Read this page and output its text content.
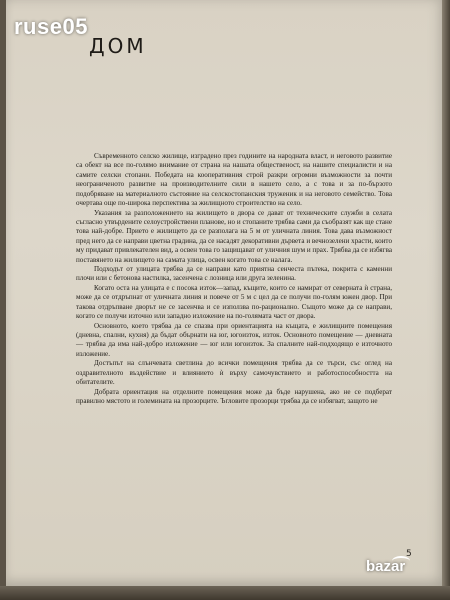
ДОМ

Съвременното селско жилище, изградено през годините на народната власт, и неговото развитие са обект на все по-голямо внимание от страна на нашата общественост, на нашите специалисти и на самите селски стопани. Победата на кооперативния строй разкри огромни възможности за почти неограниченото развитие на производителните сили в нашето село, а с това и за по-бързото подобряване на материалното състояние на селскостопанския труженик и на неговото семейство. Това очертава още по-широка перспектива за жилищното строителство на село.

Указания за разположението на жилището в двора се дават от техническите служби в селата съгласно утвърдените селоустройствени планове, но и стопаните трябва сами да съобразят как ще стане това най-добре. Прието е жилището да се разполага на 5 м от уличната линия. Това дава възможност пред него да се направи цветна градина, да се насадят декоративни дървета и вечнозелени храсти, които му придават привлекателен вид, а освен това го защищават от уличния шум и прах. Трябва да се избягва поставянето на жилището на самата улица, освен когато това се налага.

Подходът от улицата трябва да се направи като приятна сенчеста пътека, покрита с каменни плочи или с бетонова настилка, засенчена с лозница или друга зеленина.

Когато оста на улицата е с посока изток—запад, къщите, които се намират от северната ѝ страна, може да се отдръпнат от уличната линия и повече от 5 м с цел да се получи по-голям южен двор. При такова отдръпване дворът не се засенчва и се използва по-рационално. Същото може да се направи, когато се получи източно или западно изложение на по-голямата част от двора.

Основното, което трябва да се спазва при ориентацията на къщата, е жилищните помещения (дневна, спални, кухня) да бъдат обърнати на юг, югоизток, изток. Основното помещение — дневната — трябва да има най-добро изложение — юг или югоизток. За спалните най-подходящо е източното изложение.

Достъпът на слънчевата светлина до всички помещения трябва да се търси, със оглед на оздравителното въздействие и влиянието ѝ върху самочувствието и работоспособността на обитателите.

Добрата ориентация на отделните помещения може да бъде нарушена, ако не се подберат правилно мястото и големината на прозорците. Ъгловите прозорци трябва да се избягват, защото не

5
ruse05
bazar
